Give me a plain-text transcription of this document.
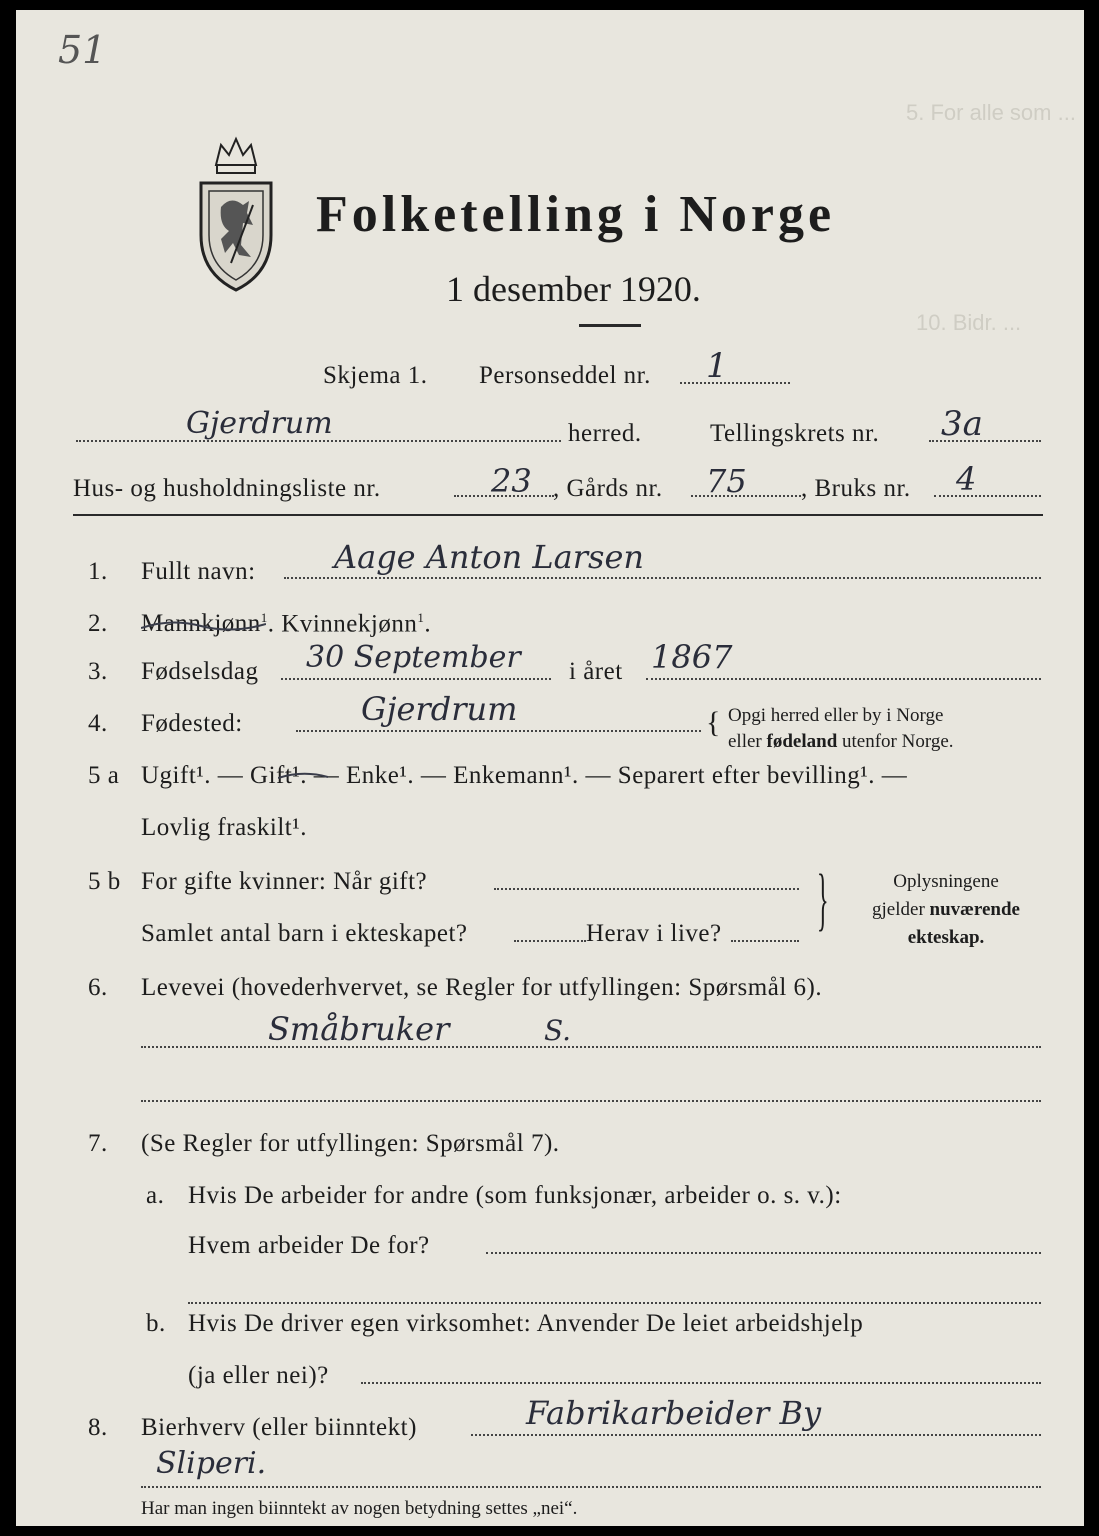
5. For alle som ...
10. Bidr. ...
51
Folketelling i Norge
1 desember 1920.
Skjema 1. Personseddel nr. 1
Gjerdrum	herred.	Tellingskrets nr. 3a
Hus- og husholdningsliste nr.	23 , Gårds nr. 75 , Bruks nr. 4
1. Fullt navn: Aage Anton Larsen
2. Mannkjønn
$^1$. Kvinnekjønn$^1$.
3. Fødselsdag 30 September i året 1867
4. Fødested:	Gjerdrum	{ Opgi herred eller by i Norge
eller fødeland utenfor Norge.
5 a Ugift¹. — Gift¹. — Enke¹. — Enkemann¹. — Separert efter bevilling¹. —
Lovlig fraskilt¹.
5 b For gifte kvinner: Når gift?
Samlet antal barn i ekteskapet?	Herav i live? }	Oplysningene
gjelder nuværende
ekteskap.
6. Levevei (hovederhvervet, se Regler for utfyllingen: Spørsmål 6).
Småbruker	S.
7. (Se Regler for utfyllingen: Spørsmål 7).
a. Hvis De arbeider for andre (som funksjonær, arbeider o. s. v.):
Hvem arbeider De for?
b. Hvis De driver egen virksomhet: Anvender De leiet arbeidshjelp
(ja eller nei)?
8. Bierhverv (eller biinntekt)	Fabrikarbeider By
Sliperi.
Har man ingen biinntekt av nogen betydning settes „nei“.
